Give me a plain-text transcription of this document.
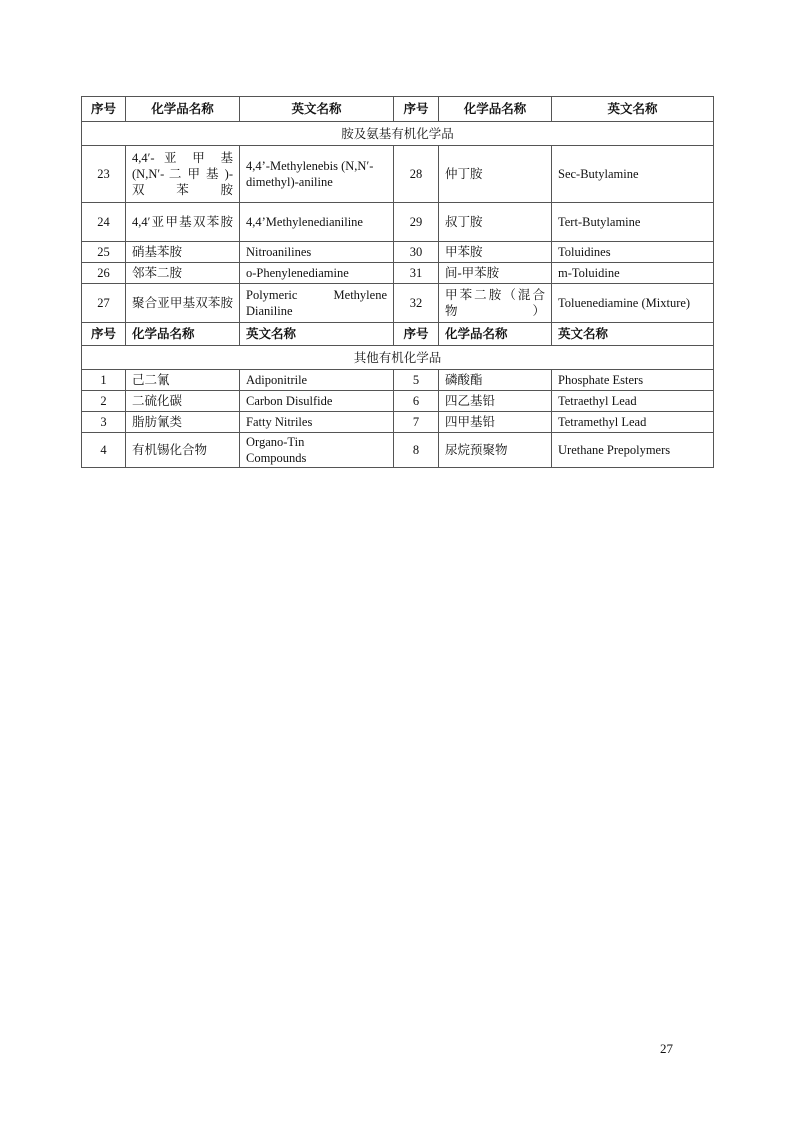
序号	化学品名称	英文名称	序号	化学品名称	英文名称
胺及氨基有机化学品					
23	4,4′- 亚 甲 基 (N,N′- 二 甲 基 )- 双苯胺	4,4’-Methylenebis (N,N′-dimethyl)-aniline	28	仲丁胺	Sec-Butylamine
24	4,4′亚甲基双苯胺	4,4’Methylenedianiline	29	叔丁胺	Tert-Butylamine
25	硝基苯胺	Nitroanilines	30	甲苯胺	Toluidines
26	邻苯二胺	o-Phenylenediamine	31	间-甲苯胺	m-Toluidine
27	聚合亚甲基双苯胺	Polymeric Methylene Dianiline	32	甲苯二胺（混合物）	Toluenediamine (Mixture)
序号	化学品名称	英文名称	序号	化学品名称	英文名称
其他有机化学品					
1	己二氰	Adiponitrile	5	磷酸酯	Phosphate Esters
2	二硫化碳	Carbon Disulfide	6	四乙基铅	Tetraethyl Lead
3	脂肪氰类	Fatty Nitriles	7	四甲基铅	Tetramethyl Lead
4	有机锡化合物	Organo-Tin Compounds	8	尿烷预聚物	Urethane Prepolymers
27
